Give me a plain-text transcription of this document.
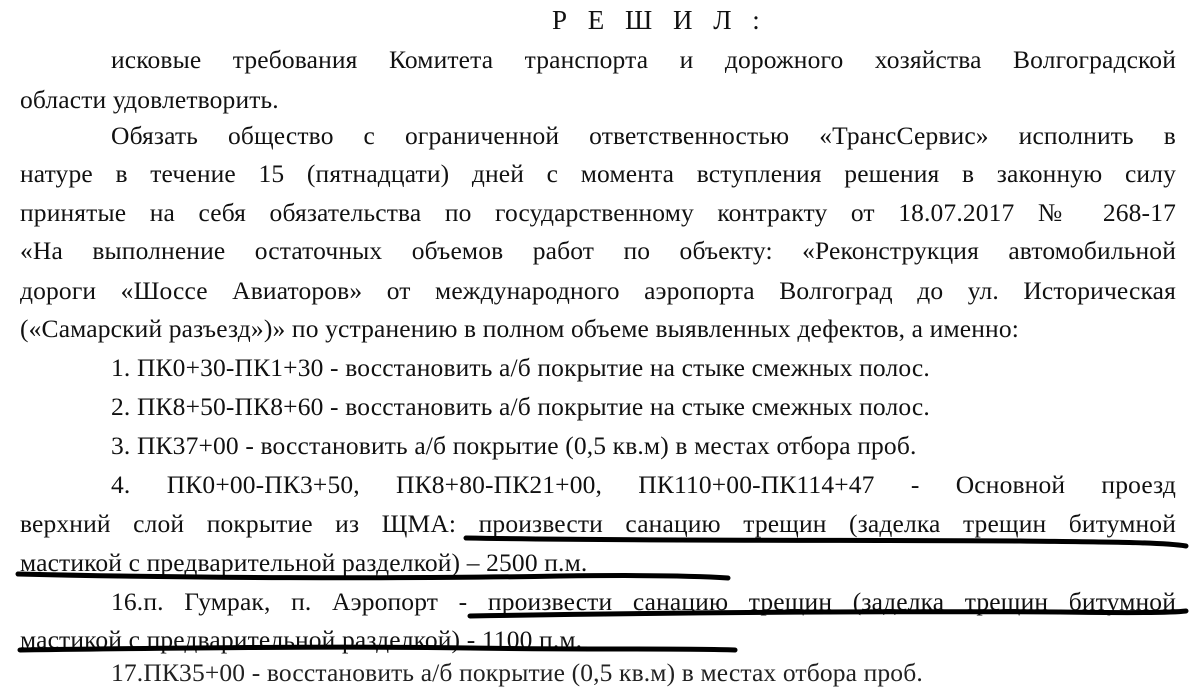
Р Е Ш И Л :
исковые требования Комитета транспорта и дорожного хозяйства Волгоградской
области удовлетворить.
Обязать общество с ограниченной ответственностью «ТрансСервис» исполнить в
натуре в течение 15 (пятнадцати) дней с момента вступления решения в законную силу
принятые на себя обязательства по государственному контракту от 18.07.2017 № 268-17
«На выполнение остаточных объемов работ по объекту: «Реконструкция автомобильной
дороги «Шоссе Авиаторов» от международного аэропорта Волгоград до ул. Историческая
(«Самарский разъезд»)» по устранению в полном объеме выявленных дефектов, а именно:
1. ПК0+30-ПК1+30 - восстановить а/б покрытие на стыке смежных полос.
2. ПК8+50-ПК8+60 - восстановить а/б покрытие на стыке смежных полос.
3. ПК37+00 - восстановить а/б покрытие (0,5 кв.м) в местах отбора проб.
4. ПК0+00-ПК3+50, ПК8+80-ПК21+00, ПК110+00-ПК114+47 - Основной проезд
верхний слой покрытие из ЩМА: произвести санацию трещин (заделка трещин битумной
мастикой с предварительной разделкой) – 2500 п.м.
16.п. Гумрак, п. Аэропорт - произвести санацию трещин (заделка трещин битумной
мастикой с предварительной разделкой) - 1100 п.м.
17.ПК35+00 - восстановить а/б покрытие (0,5 кв.м) в местах отбора проб.
